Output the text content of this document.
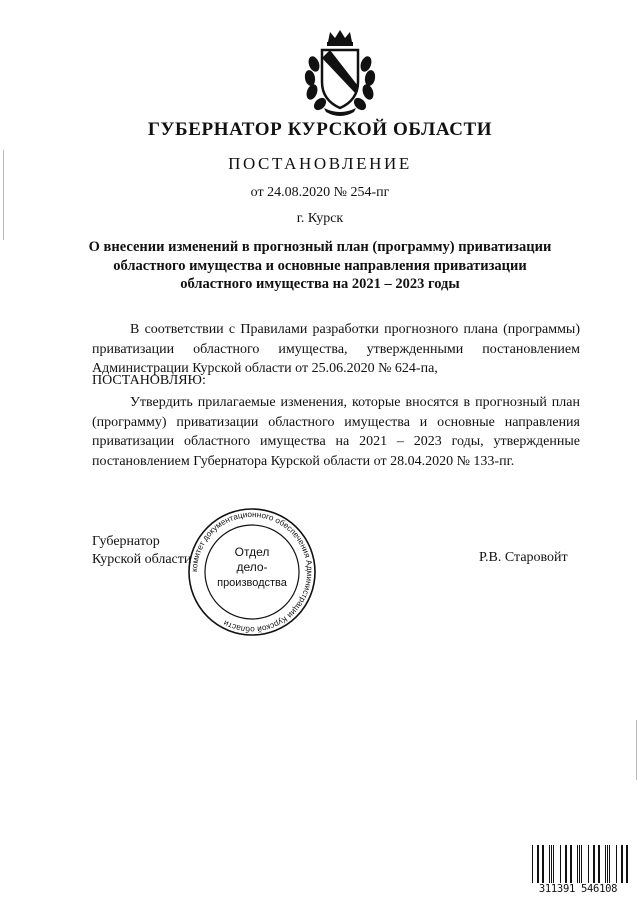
ГУБЕРНАТОР КУРСКОЙ ОБЛАСТИ
ПОСТАНОВЛЕНИЕ
от 24.08.2020 № 254-пг
г. Курск
О внесении изменений в прогнозный план (программу) приватизации
областного имущества и основные направления приватизации
областного имущества на 2021 – 2023 годы
В соответствии с Правилами разработки прогнозного плана (программы) приватизации областного имущества, утвержденными постановлением Администрации Курской области от 25.06.2020 № 624-па,
ПОСТАНОВЛЯЮ:
Утвердить прилагаемые изменения, которые вносятся в прогнозный план (программу) приватизации областного имущества и основные направления приватизации областного имущества на 2021 – 2023 годы, утвержденные постановлением Губернатора Курской области от 28.04.2020 № 133-пг.
Губернатор
Курской области	Р.В. Старовойт
комитет документационного обеспечения Администрации Курской области
Отдел
дело-
производства
311391 546108
